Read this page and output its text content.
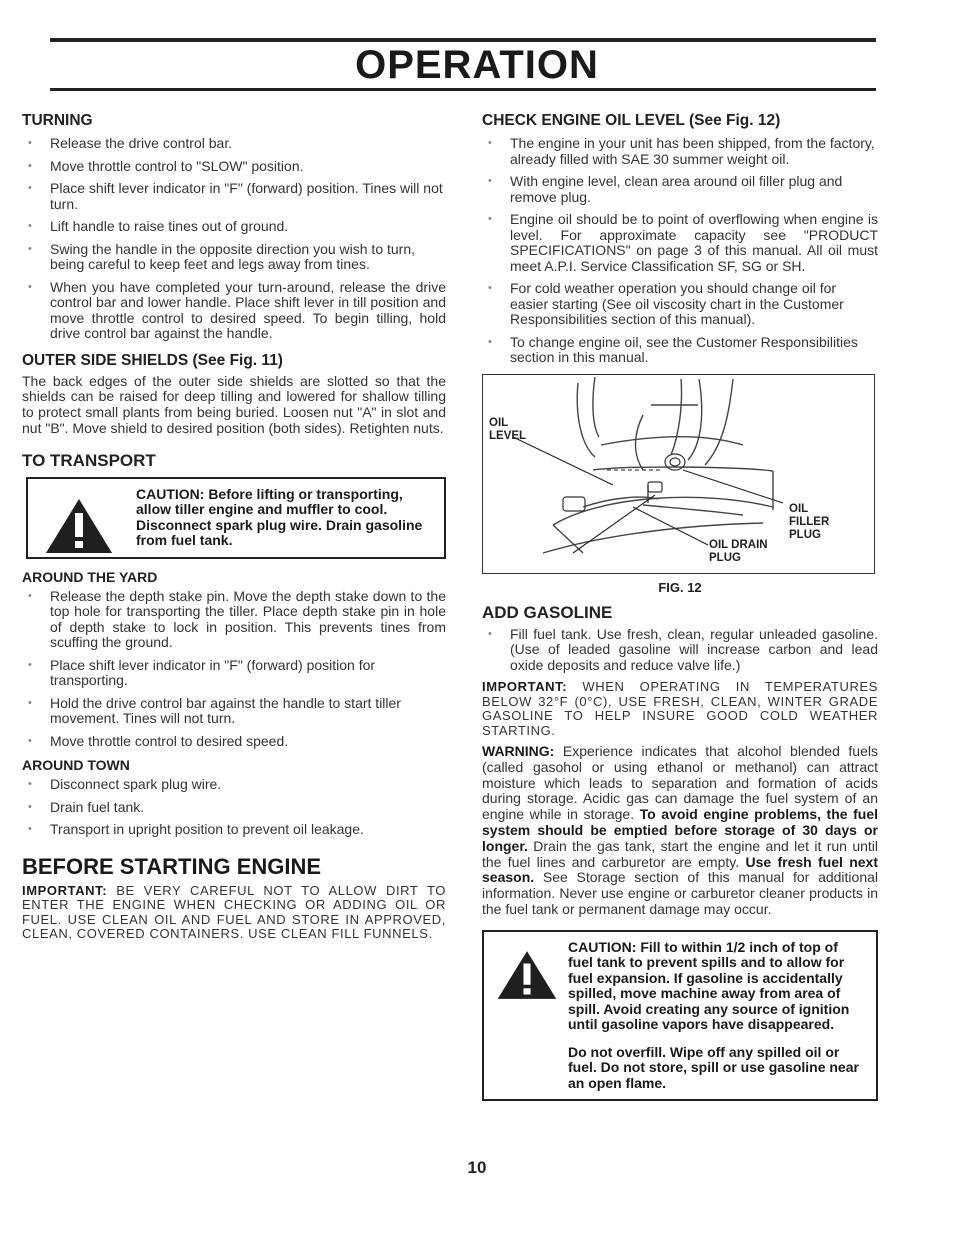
OPERATION
TURNING
• Release the drive control bar.
• Move throttle control to "SLOW" position.
• Place shift lever indicator in "F" (forward) position. Tines will not turn.
• Lift handle to raise tines out of ground.
• Swing the handle in the opposite direction you wish to turn, being careful to keep feet and legs away from tines.
• When you have completed your turn-around, release the drive control bar and lower handle. Place shift lever in till position and move throttle control to desired speed. To begin tilling, hold drive control bar against the handle.
OUTER SIDE SHIELDS (See Fig. 11)

The back edges of the outer side shields are slotted so that the shields can be raised for deep tilling and lowered for shallow tilling to protect small plants from being buried. Loosen nut "A" in slot and nut "B". Move shield to desired position (both sides). Retighten nuts.

TO TRANSPORT

CAUTION: Before lifting or transporting, allow tiller engine and muffler to cool. Disconnect spark plug wire. Drain gasoline from fuel tank.

AROUND THE YARD
• Release the depth stake pin. Move the depth stake down to the top hole for transporting the tiller. Place depth stake pin in hole of depth stake to lock in position. This prevents tines from scuffing the ground.
• Place shift lever indicator in "F" (forward) position for transporting.
• Hold the drive control bar against the handle to start tiller movement. Tines will not turn.
• Move throttle control to desired speed.
AROUND TOWN
• Disconnect spark plug wire.
• Drain fuel tank.
• Transport in upright position to prevent oil leakage.
BEFORE STARTING ENGINE

IMPORTANT: BE VERY CAREFUL NOT TO ALLOW DIRT TO ENTER THE ENGINE WHEN CHECKING OR ADDING OIL OR FUEL. USE CLEAN OIL AND FUEL AND STORE IN APPROVED, CLEAN, COVERED CONTAINERS. USE CLEAN FILL FUNNELS.

CHECK ENGINE OIL LEVEL (See Fig. 12)
• The engine in your unit has been shipped, from the factory, already filled with SAE 30 summer weight oil.
• With engine level, clean area around oil filler plug and remove plug.
• Engine oil should be to point of overflowing when engine is level. For approximate capacity see "PRODUCT SPECIFICATIONS" on page 3 of this manual. All oil must meet A.P.I. Service Classification SF, SG or SH.
• For cold weather operation you should change oil for easier starting (See oil viscosity chart in the Customer Responsibilities section of this manual).
• To change engine oil, see the Customer Responsibilities section in this manual.
OIL LEVEL
OIL FILLER PLUG
OIL DRAIN PLUG
FIG. 12
ADD GASOLINE
• Fill fuel tank. Use fresh, clean, regular unleaded gasoline. (Use of leaded gasoline will increase carbon and lead oxide deposits and reduce valve life.)

IMPORTANT: WHEN OPERATING IN TEMPERATURES BELOW 32°F (0°C), USE FRESH, CLEAN, WINTER GRADE GASOLINE TO HELP INSURE GOOD COLD WEATHER STARTING.

WARNING: Experience indicates that alcohol blended fuels (called gasohol or using ethanol or methanol) can attract moisture which leads to separation and formation of acids during storage. Acidic gas can damage the fuel system of an engine while in storage. To avoid engine problems, the fuel system should be emptied before storage of 30 days or longer. Drain the gas tank, start the engine and let it run until the fuel lines and carburetor are empty. Use fresh fuel next season. See Storage section of this manual for additional information. Never use engine or carburetor cleaner products in the fuel tank or permanent damage may occur.

CAUTION: Fill to within 1/2 inch of top of fuel tank to prevent spills and to allow for fuel expansion. If gasoline is accidentally spilled, move machine away from area of spill. Avoid creating any source of ignition until gasoline vapors have disappeared.

Do not overfill. Wipe off any spilled oil or fuel. Do not store, spill or use gasoline near an open flame.

10
